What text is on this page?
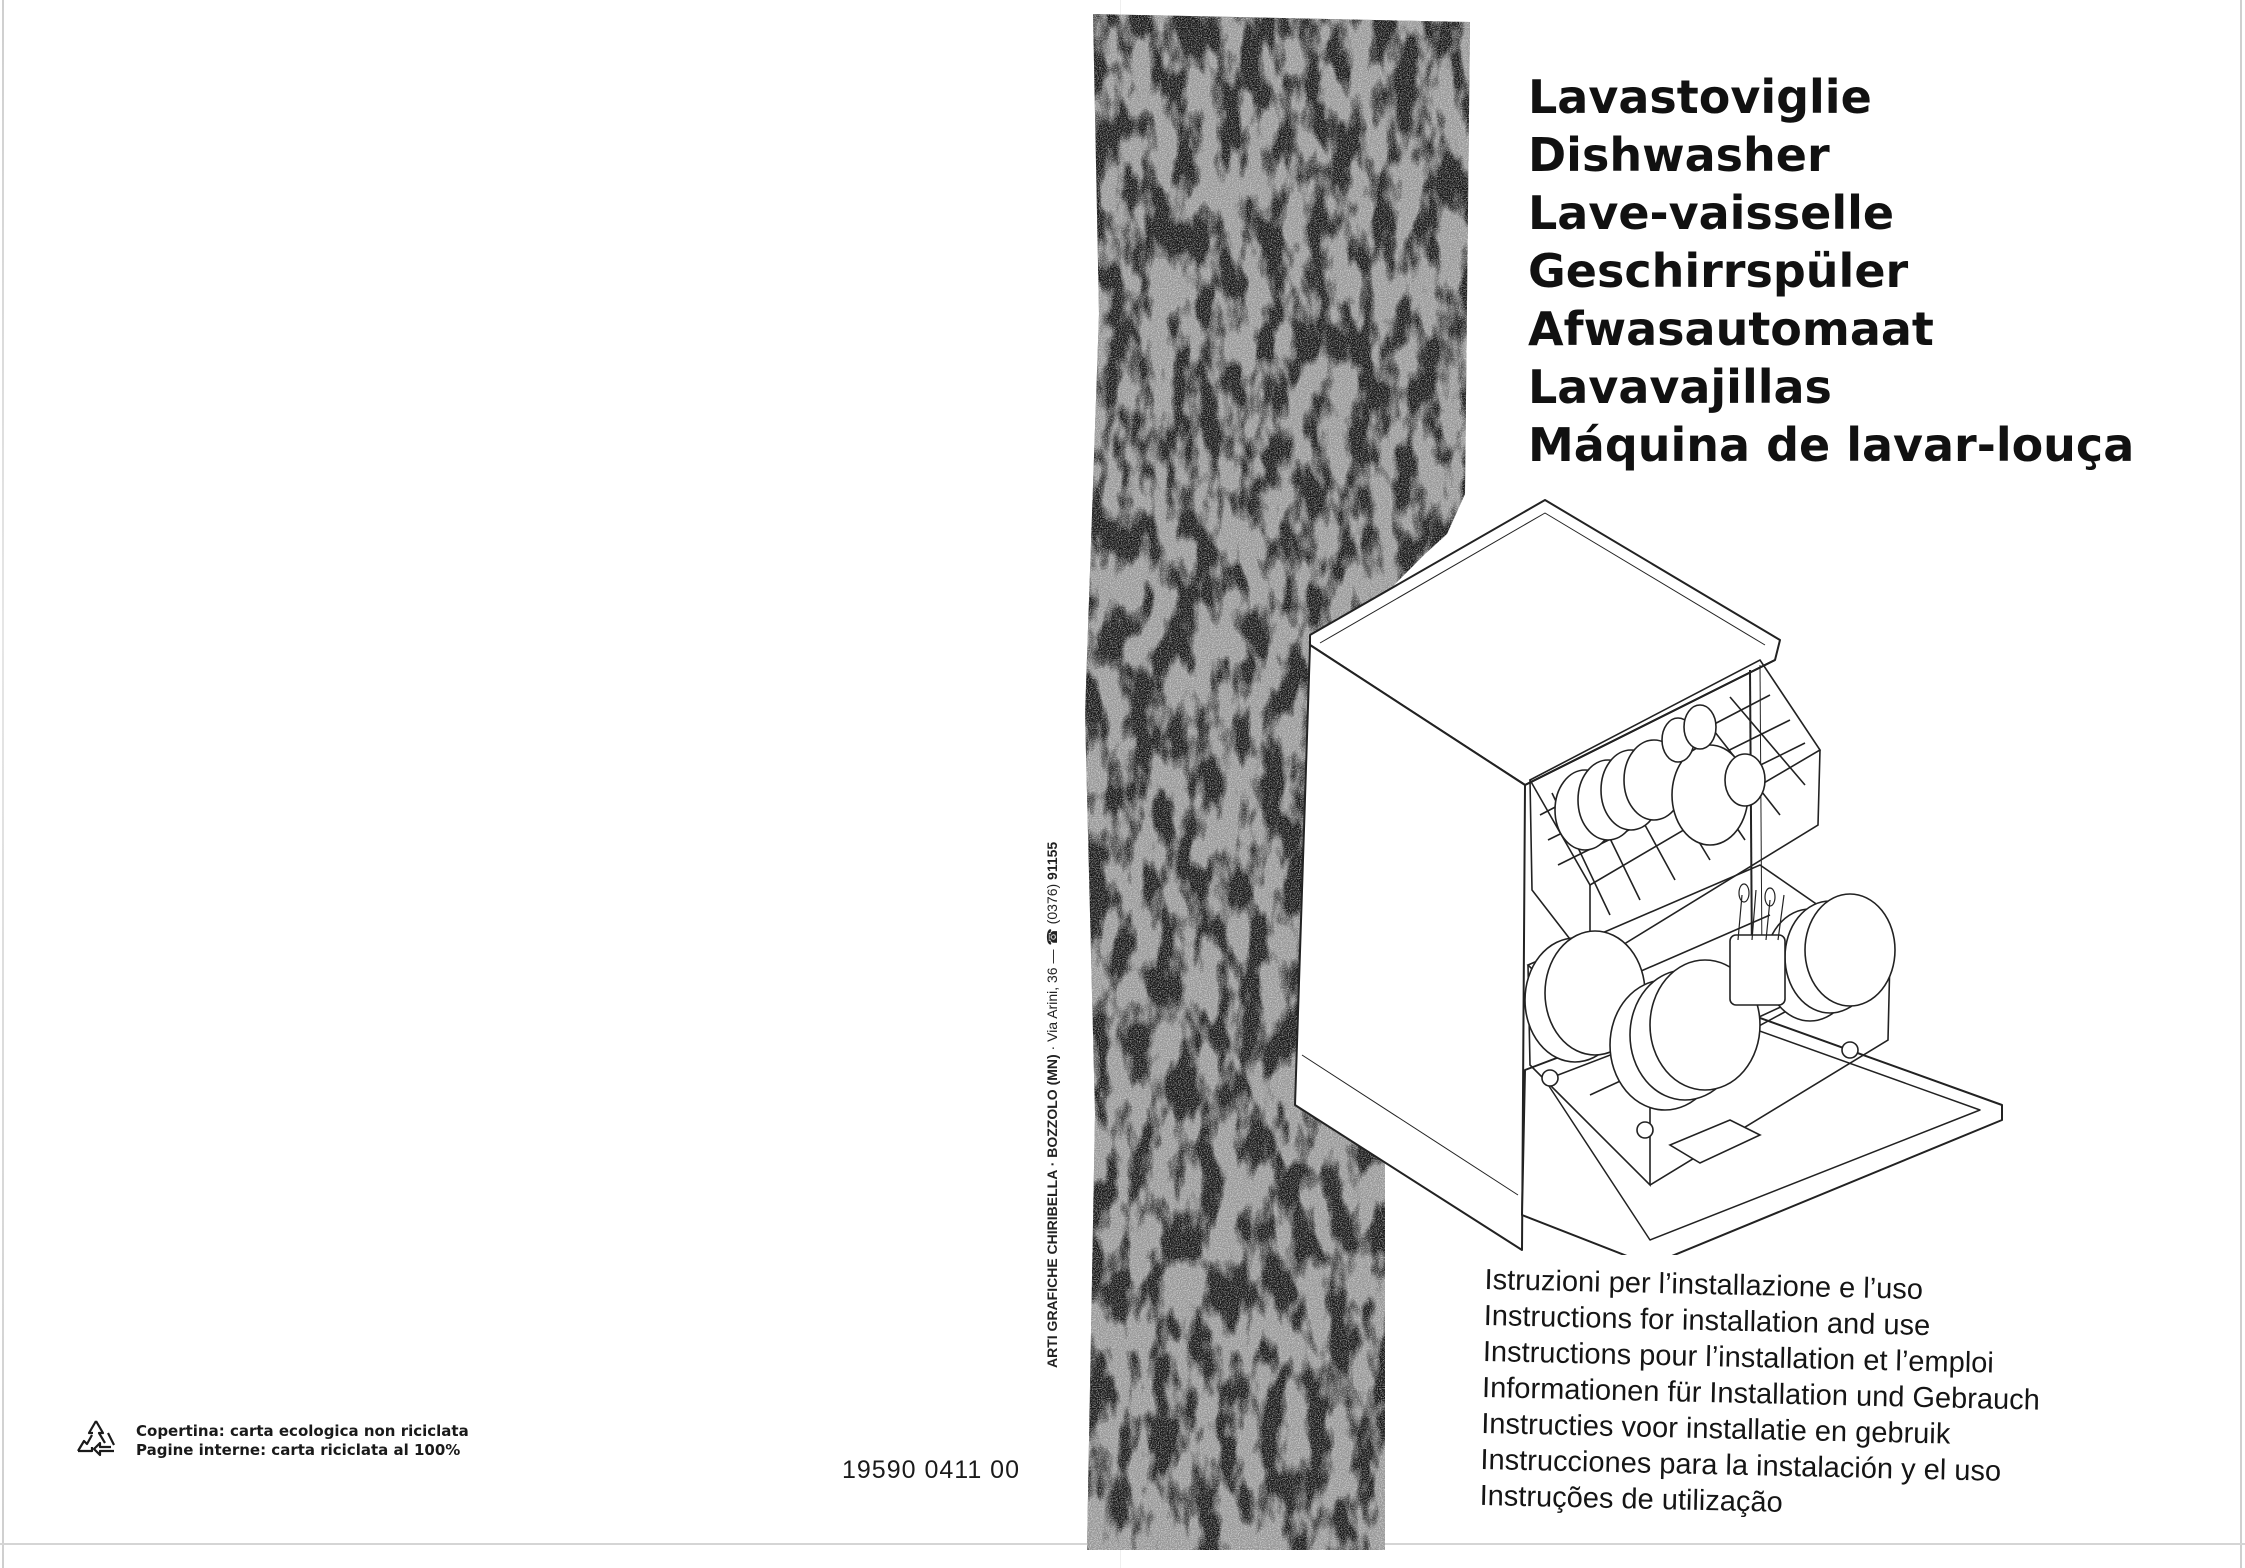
Copertina: carta ecologica non riciclata
Pagine interne: carta riciclata al 100%
19590 0411 00
ARTI GRAFICHE CHIRIBELLA · BOZZOLO (MN) · Via Arini, 36 — ☎ (0376) 91155
Lavastoviglie
Dishwasher
Lave-vaisselle
Geschirrspüler
Afwasautomaat
Lavavajillas
Máquina de lavar-louça
Istruzioni per l’installazione e l’uso
Instructions for installation and use
Instructions pour l’installation et l’emploi
Informationen für Installation und Gebrauch
Instructies voor installatie en gebruik
Instrucciones para la instalación y el uso
Instruções de utilização
